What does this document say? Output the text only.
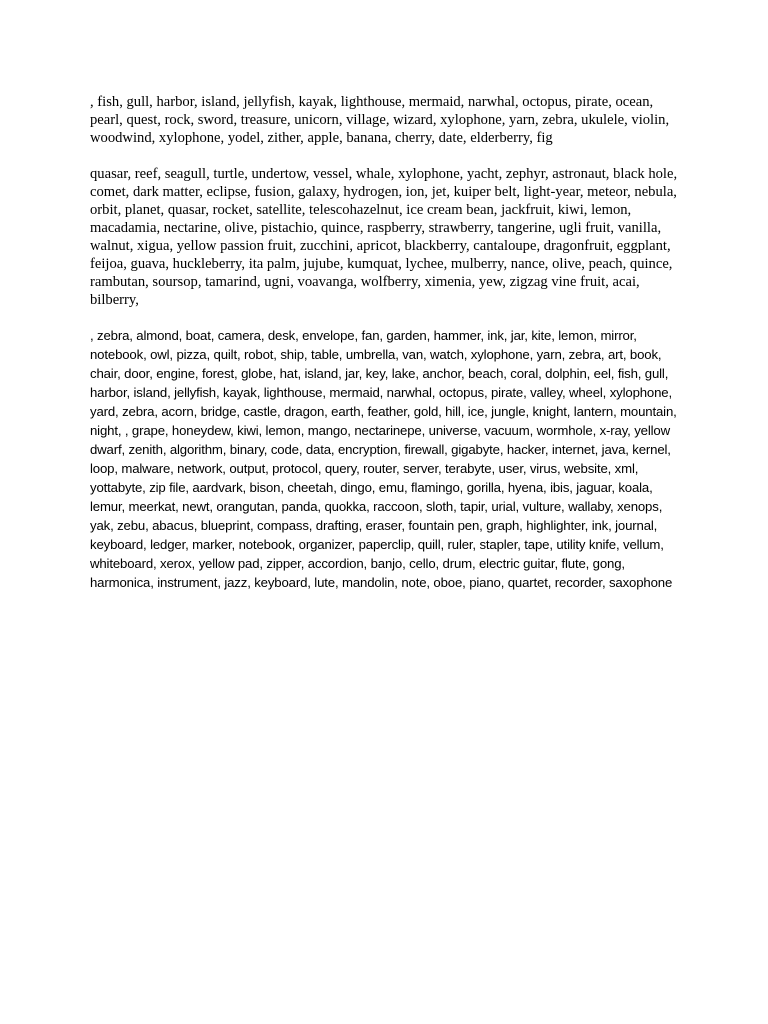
, fish, gull, harbor, island, jellyfish, kayak, lighthouse, mermaid, narwhal, octopus, pirate, ocean, pearl, quest, rock, sword, treasure, unicorn, village, wizard, xylophone, yarn, zebra, ukulele, violin, woodwind, xylophone, yodel, zither, apple, banana, cherry, date, elderberry, fig

quasar, reef, seagull, turtle, undertow, vessel, whale, xylophone, yacht, zephyr, astronaut, black hole, comet, dark matter, eclipse, fusion, galaxy, hydrogen, ion, jet, kuiper belt, light-year, meteor, nebula, orbit, planet, quasar, rocket, satellite, telescohazelnut, ice cream bean, jackfruit, kiwi, lemon, macadamia, nectarine, olive, pistachio, quince, raspberry, strawberry, tangerine, ugli fruit, vanilla, walnut, xigua, yellow passion fruit, zucchini, apricot, blackberry, cantaloupe, dragonfruit, eggplant, feijoa, guava, huckleberry, ita palm, jujube, kumquat, lychee, mulberry, nance, olive, peach, quince, rambutan, soursop, tamarind, ugni, voavanga, wolfberry, ximenia, yew, zigzag vine fruit, acai, bilberry,

, zebra, almond, boat, camera, desk, envelope, fan, garden, hammer, ink, jar, kite, lemon, mirror, notebook, owl, pizza, quilt, robot, ship, table, umbrella, van, watch, xylophone, yarn, zebra, art, book, chair, door, engine, forest, globe, hat, island, jar, key, lake, anchor, beach, coral, dolphin, eel, fish, gull, harbor, island, jellyfish, kayak, lighthouse, mermaid, narwhal, octopus, pirate, valley, wheel, xylophone, yard, zebra, acorn, bridge, castle, dragon, earth, feather, gold, hill, ice, jungle, knight, lantern, mountain, night, , grape, honeydew, kiwi, lemon, mango, nectarinepe, universe, vacuum, wormhole, x-ray, yellow dwarf, zenith, algorithm, binary, code, data, encryption, firewall, gigabyte, hacker, internet, java, kernel, loop, malware, network, output, protocol, query, router, server, terabyte, user, virus, website, xml, yottabyte, zip file, aardvark, bison, cheetah, dingo, emu, flamingo, gorilla, hyena, ibis, jaguar, koala, lemur, meerkat, newt, orangutan, panda, quokka, raccoon, sloth, tapir, urial, vulture, wallaby, xenops, yak, zebu, abacus, blueprint, compass, drafting, eraser, fountain pen, graph, highlighter, ink, journal, keyboard, ledger, marker, notebook, organizer, paperclip, quill, ruler, stapler, tape, utility knife, vellum, whiteboard, xerox, yellow pad, zipper, accordion, banjo, cello, drum, electric guitar, flute, gong, harmonica, instrument, jazz, keyboard, lute, mandolin, note, oboe, piano, quartet, recorder, saxophone
